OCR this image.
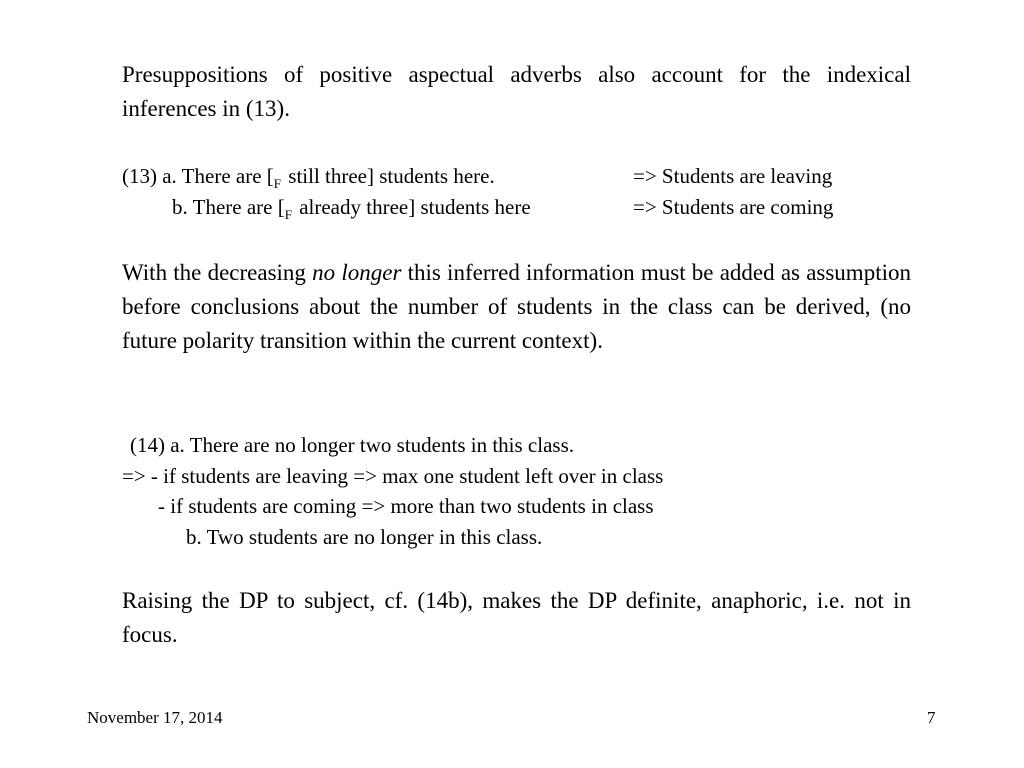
Presuppositions of positive aspectual adverbs also account for the indexical inferences in (13).

(13) a. There are [$_F$ still three] students here.	=> Students are leaving
b. There are [$_F$ already three] students here	=> Students are coming

With the decreasing no longer this inferred information must be added as assumption before conclusions about the number of students in the class can be derived, (no future polarity transition within the current context).

(14) a. There are no longer two students in this class.
=> - if students are leaving => max one student left over in class
- if students are coming => more than two students in class
b. Two students are no longer in this class.

Raising the DP to subject, cf. (14b), makes the DP definite, anaphoric, i.e. not in focus.

November 17, 2014	7
